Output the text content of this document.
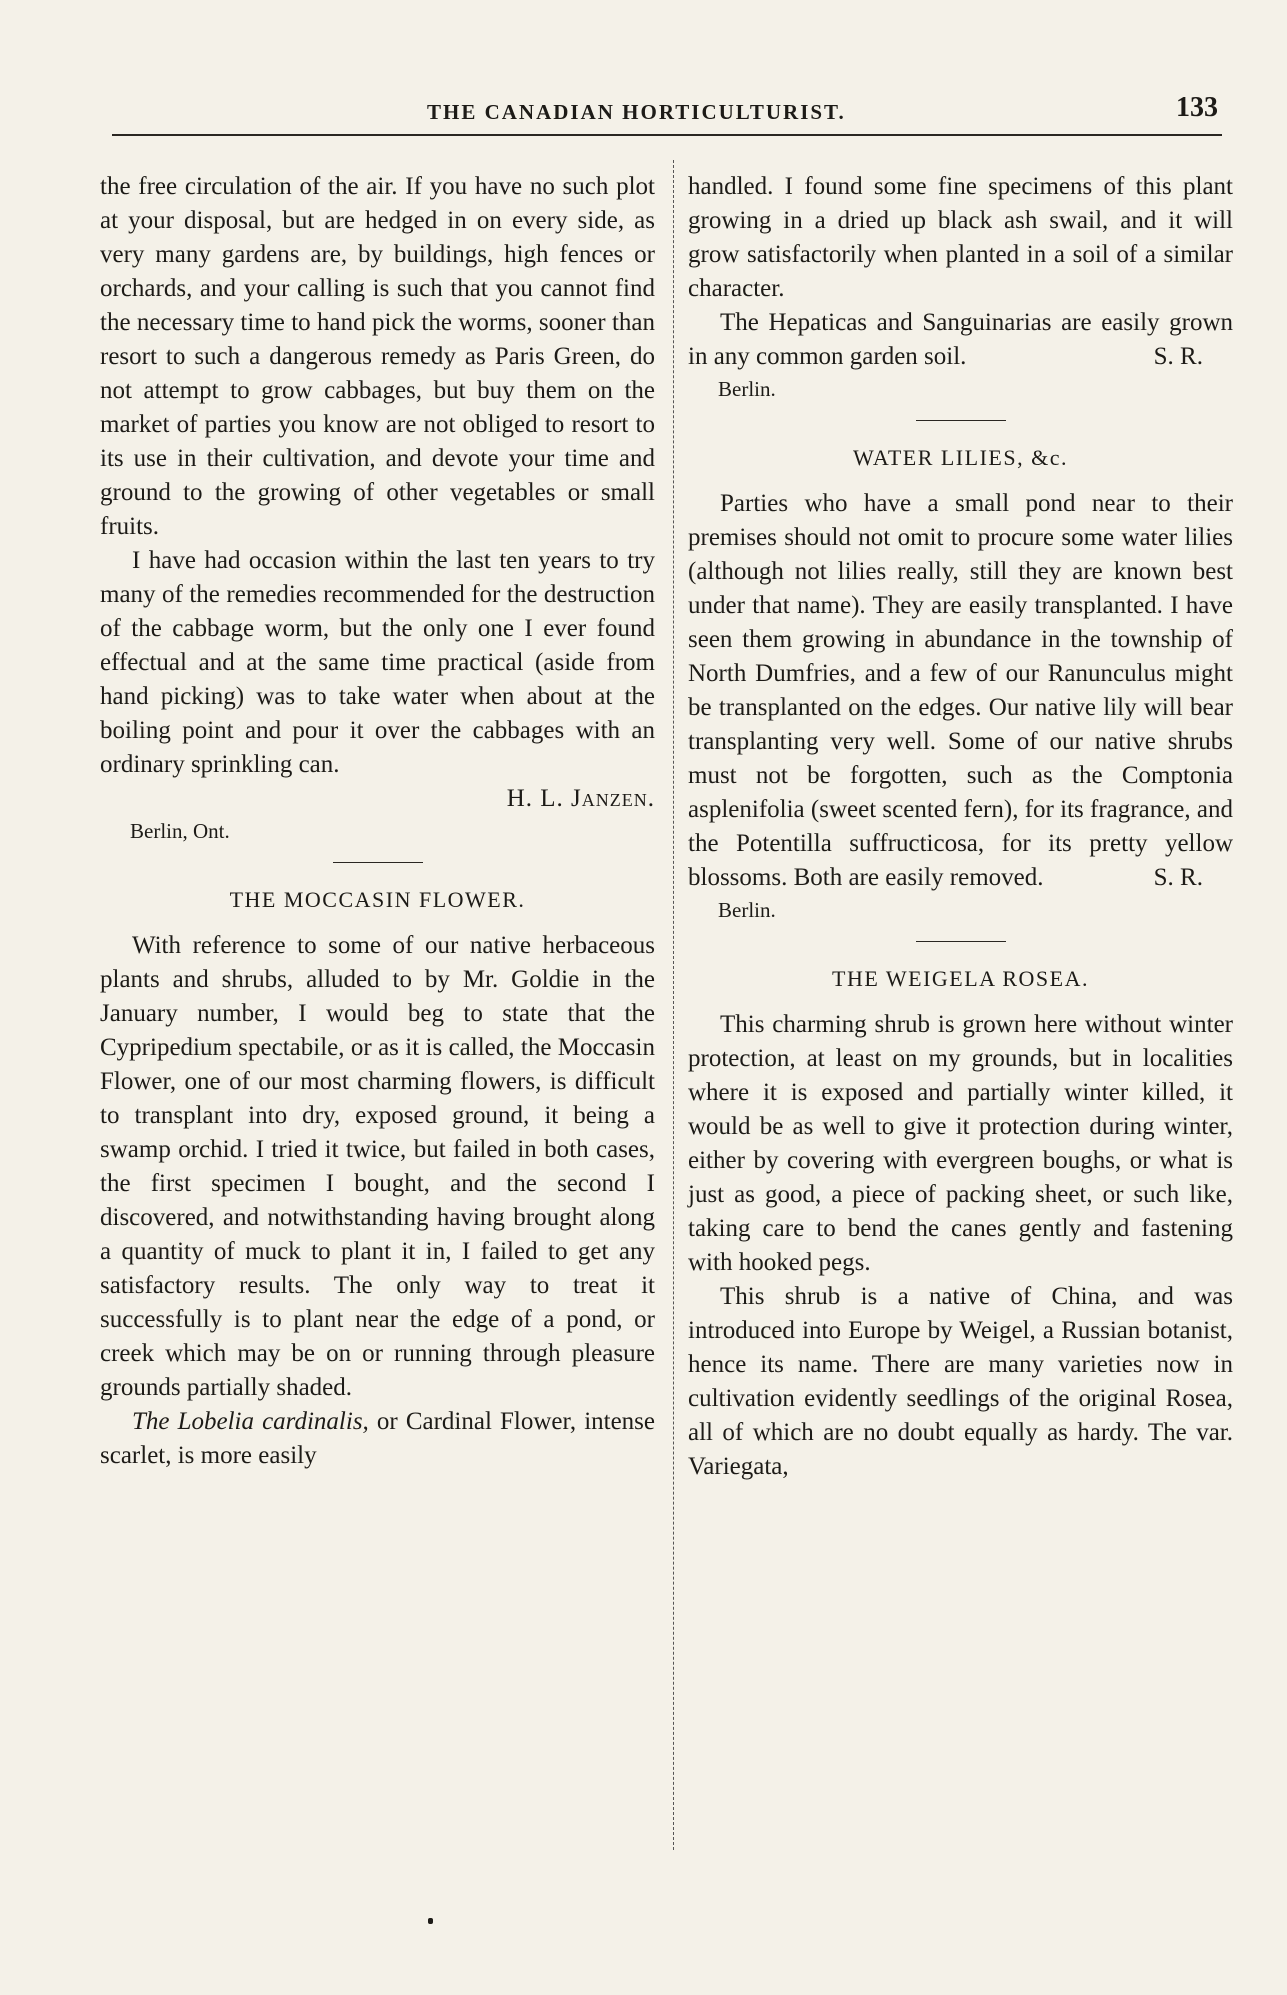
THE CANADIAN HORTICULTURIST.	133

the free circulation of the air. If you have no such plot at your disposal, but are hedged in on every side, as very many gardens are, by buildings, high fences or orchards, and your calling is such that you cannot find the necessary time to hand pick the worms, sooner than resort to such a dangerous remedy as Paris Green, do not attempt to grow cabbages, but buy them on the market of parties you know are not obliged to resort to its use in their cultivation, and devote your time and ground to the growing of other vegetables or small fruits.

I have had occasion within the last ten years to try many of the remedies recommended for the destruction of the cabbage worm, but the only one I ever found effectual and at the same time practical (aside from hand picking) was to take water when about at the boiling point and pour it over the cabbages with an ordinary sprinkling can.

H. L. Janzen.
Berlin, Ont.
THE MOCCASIN FLOWER.

With reference to some of our native herbaceous plants and shrubs, alluded to by Mr. Goldie in the January number, I would beg to state that the Cypripedium spectabile, or as it is called, the Moccasin Flower, one of our most charming flowers, is difficult to transplant into dry, exposed ground, it being a swamp orchid. I tried it twice, but failed in both cases, the first specimen I bought, and the second I discovered, and notwithstanding having brought along a quantity of muck to plant it in, I failed to get any satisfactory results. The only way to treat it successfully is to plant near the edge of a pond, or creek which may be on or running through pleasure grounds partially shaded.

The Lobelia cardinalis, or Cardinal Flower, intense scarlet, is more easily

handled. I found some fine specimens of this plant growing in a dried up black ash swail, and it will grow satisfactorily when planted in a soil of a similar character.

The Hepaticas and Sanguinarias are easily grown in any common garden soil.	S. R.
Berlin.
WATER LILIES, &c.

Parties who have a small pond near to their premises should not omit to procure some water lilies (although not lilies really, still they are known best under that name). They are easily transplanted. I have seen them growing in abundance in the township of North Dumfries, and a few of our Ranunculus might be transplanted on the edges. Our native lily will bear transplanting very well. Some of our native shrubs must not be forgotten, such as the Comptonia asplenifolia (sweet scented fern), for its fragrance, and the Potentilla suffructicosa, for its pretty yellow blossoms. Both are easily removed.	S. R.
Berlin.
THE WEIGELA ROSEA.

This charming shrub is grown here without winter protection, at least on my grounds, but in localities where it is exposed and partially winter killed, it would be as well to give it protection during winter, either by covering with evergreen boughs, or what is just as good, a piece of packing sheet, or such like, taking care to bend the canes gently and fastening with hooked pegs.

This shrub is a native of China, and was introduced into Europe by Weigel, a Russian botanist, hence its name. There are many varieties now in cultivation evidently seedlings of the original Rosea, all of which are no doubt equally as hardy. The var. Variegata,
